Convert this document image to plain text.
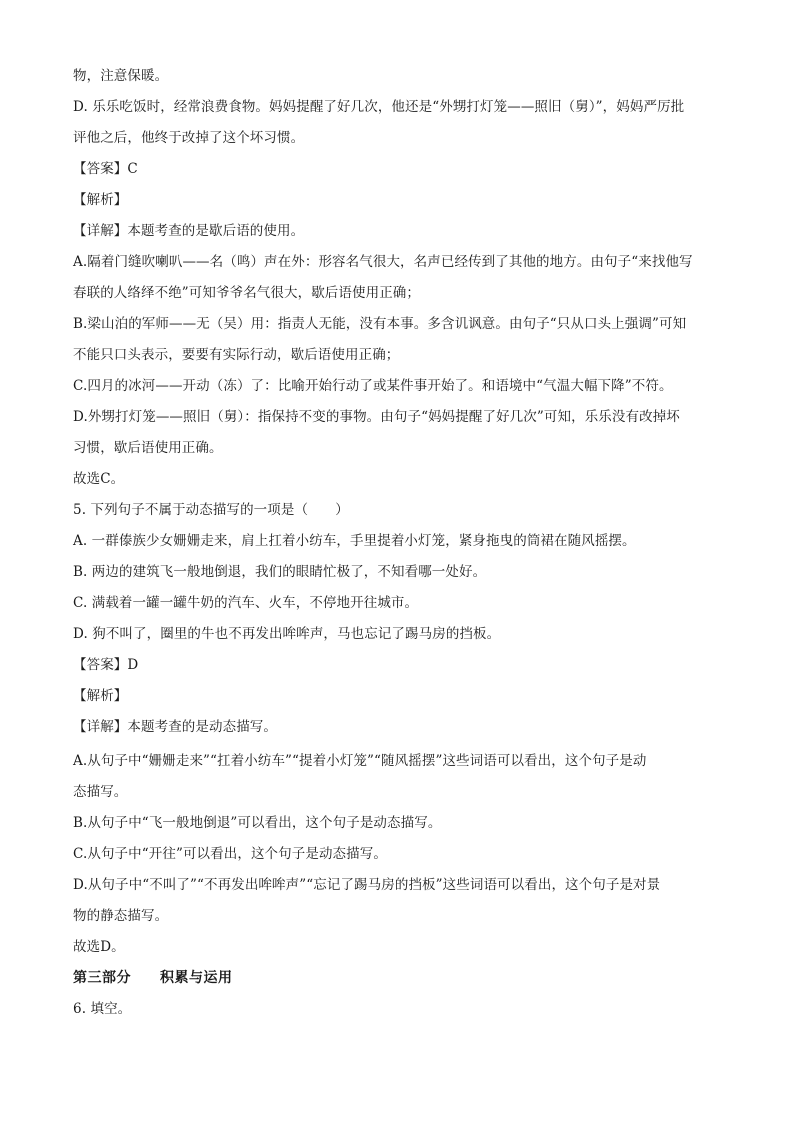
物，注意保暖。
D. 乐乐吃饭时，经常浪费食物。妈妈提醒了好几次，他还是“外甥打灯笼——照旧（舅）”，妈妈严厉批
评他之后，他终于改掉了这个坏习惯。
【答案】C
【解析】
【详解】本题考查的是歇后语的使用。
A.隔着门缝吹喇叭——名（鸣）声在外：形容名气很大，名声已经传到了其他的地方。由句子“来找他写
春联的人络绎不绝”可知爷爷名气很大，歇后语使用正确；
B.梁山泊的军师——无（吴）用：指责人无能，没有本事。多含讥讽意。由句子“只从口头上强调”可知
不能只口头表示，要要有实际行动，歇后语使用正确；
C.四月的冰河——开动（冻）了：比喻开始行动了或某件事开始了。和语境中“气温大幅下降”不符。
D.外甥打灯笼——照旧（舅）：指保持不变的事物。由句子“妈妈提醒了好几次”可知，乐乐没有改掉坏
习惯，歇后语使用正确。
故选C。
5. 下列句子不属于动态描写的一项是（　　）
A. 一群傣族少女姗姗走来，肩上扛着小纺车，手里提着小灯笼，紧身拖曳的筒裙在随风摇摆。
B. 两边的建筑飞一般地倒退，我们的眼睛忙极了，不知看哪一处好。
C. 满载着一罐一罐牛奶的汽车、火车，不停地开往城市。
D. 狗不叫了，圈里的牛也不再发出哞哞声，马也忘记了踢马房的挡板。
【答案】D
【解析】
【详解】本题考查的是动态描写。
A.从句子中“姗姗走来”“扛着小纺车”“提着小灯笼”“随风摇摆”这些词语可以看出，这个句子是动
态描写。
B.从句子中“飞一般地倒退”可以看出，这个句子是动态描写。
C.从句子中“开往”可以看出，这个句子是动态描写。
D.从句子中“不叫了”“不再发出哞哞声”“忘记了踢马房的挡板”这些词语可以看出，这个句子是对景
物的静态描写。
故选D。
第三部分　　积累与运用
6. 填空。
